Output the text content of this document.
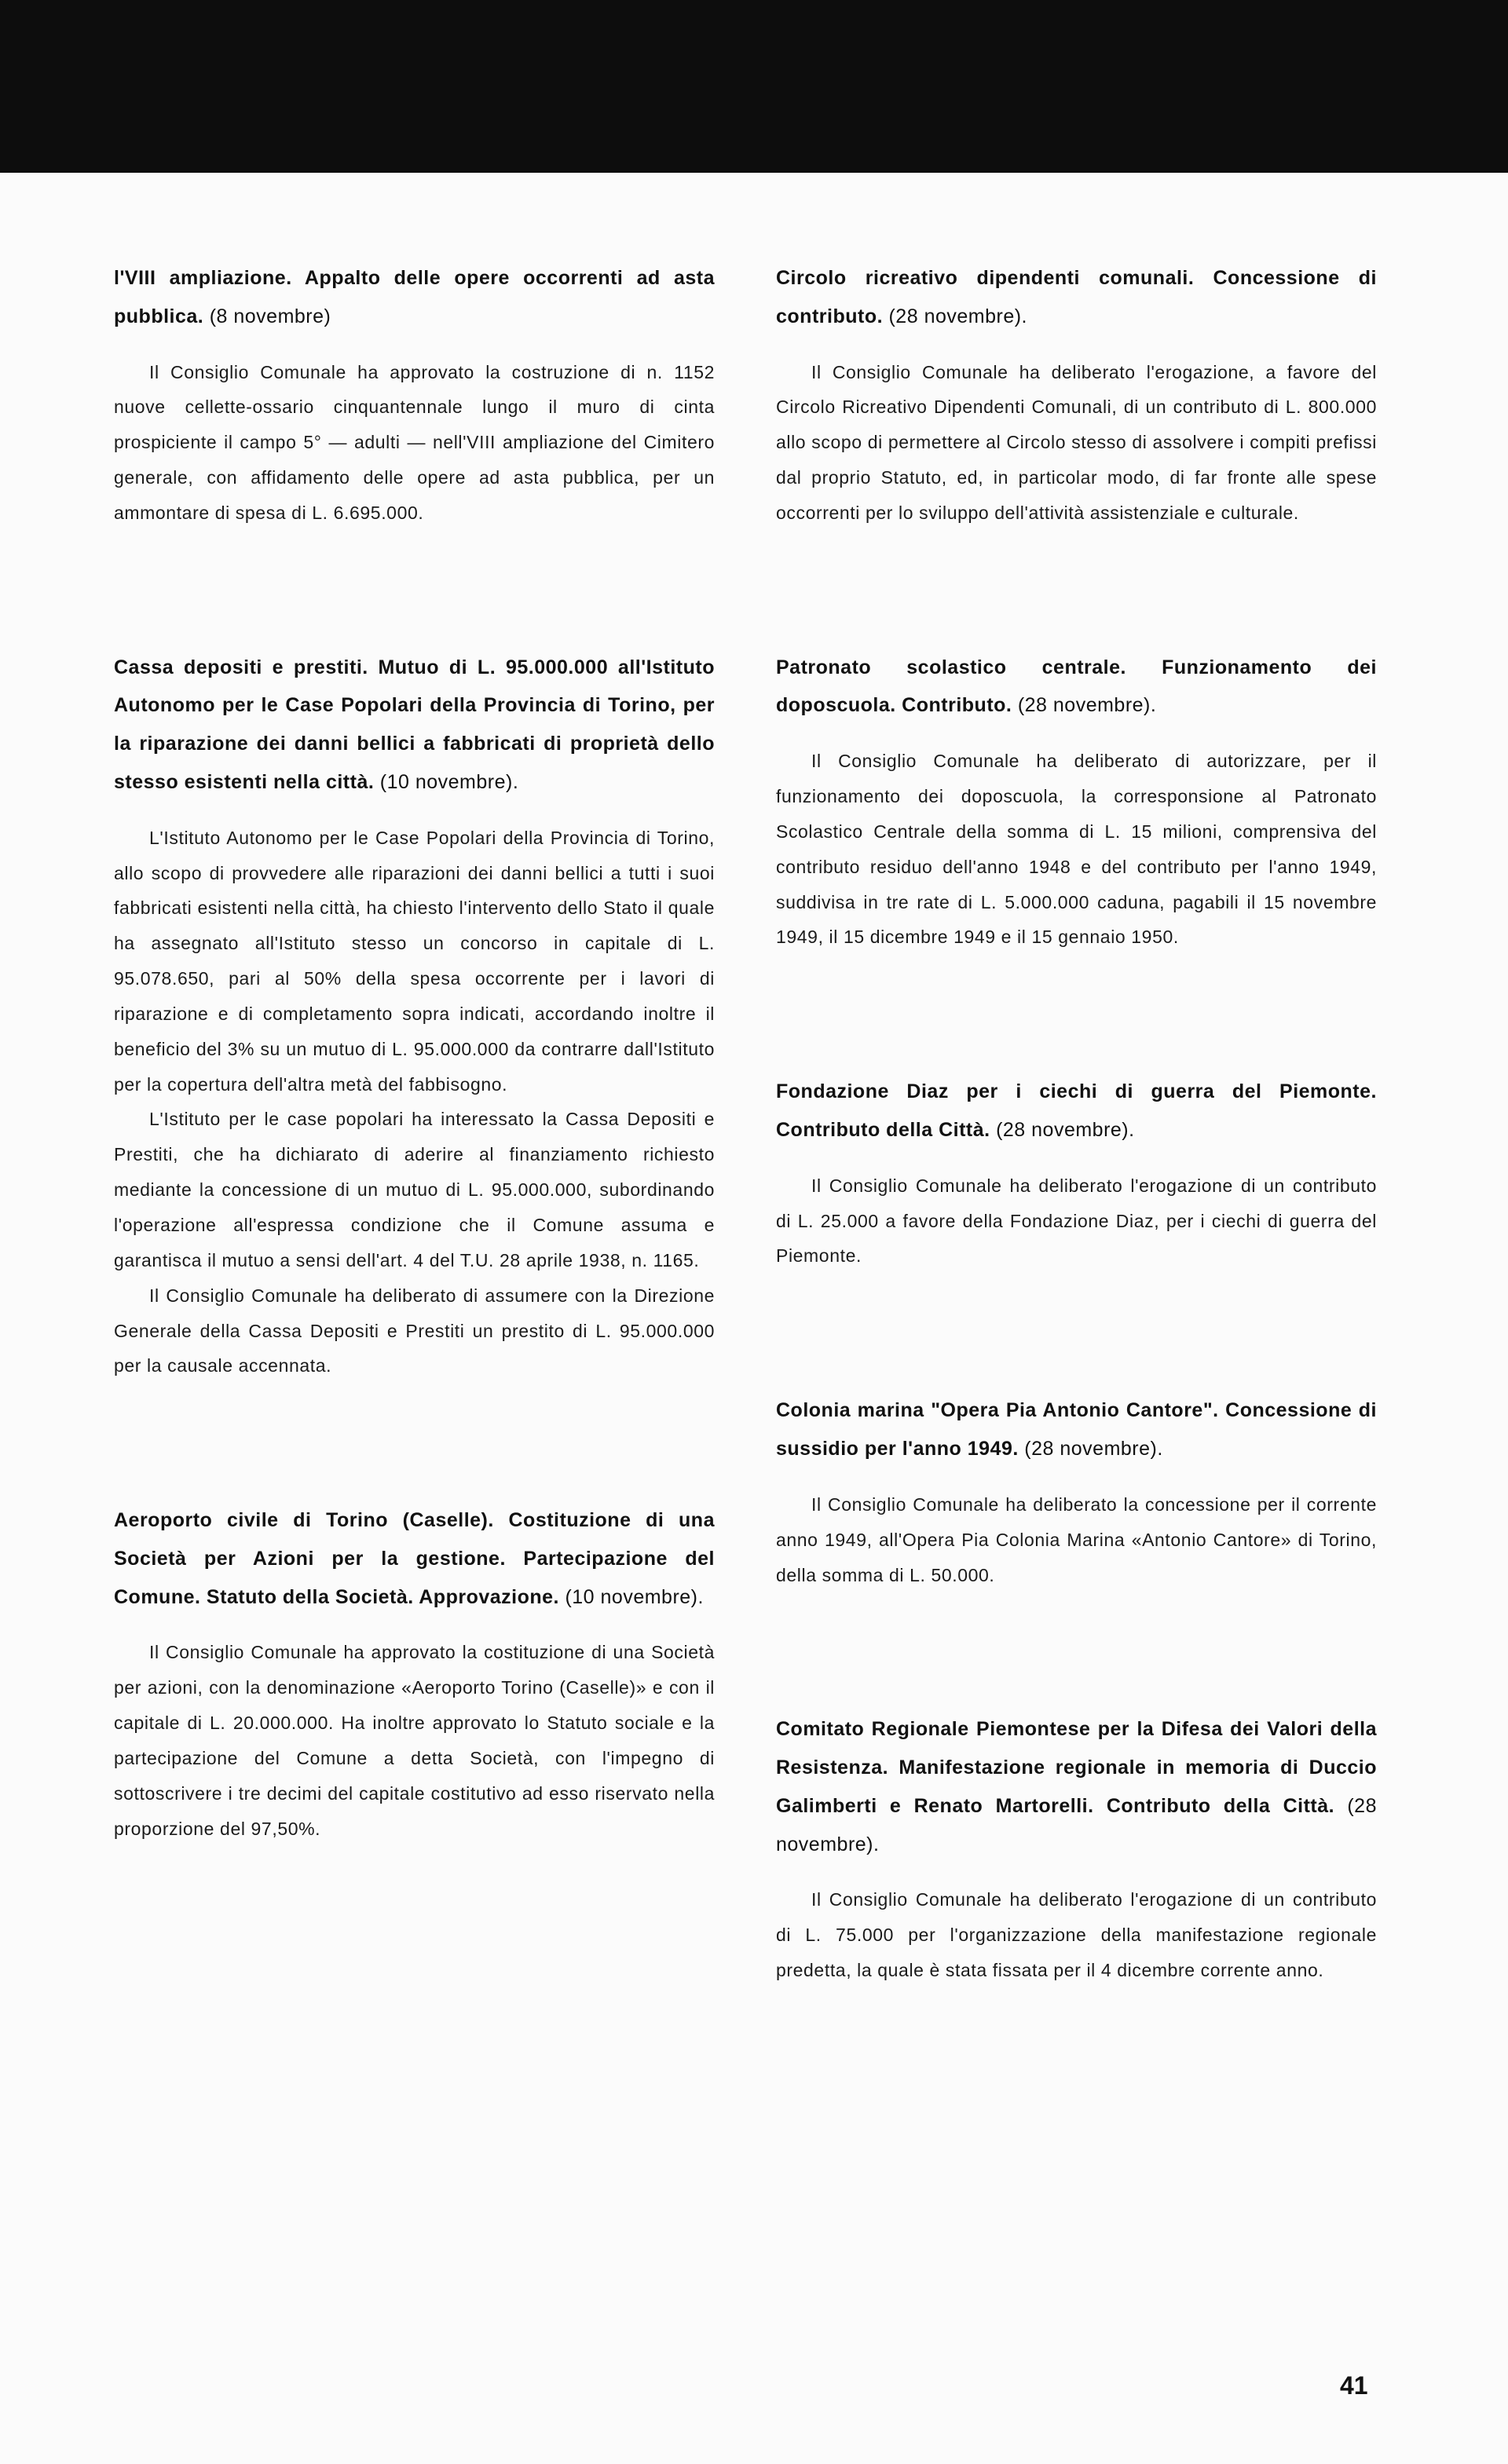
l'VIII ampliazione. Appalto delle opere occorrenti ad asta pubblica. (8 novembre)

Il Consiglio Comunale ha approvato la costruzione di n. 1152 nuove cellette-ossario cinquantennale lungo il muro di cinta prospiciente il campo 5° — adulti — nell'VIII ampliazione del Cimitero generale, con affidamento delle opere ad asta pubblica, per un ammontare di spesa di L. 6.695.000.

Cassa depositi e prestiti. Mutuo di L. 95.000.000 all'Istituto Autonomo per le Case Popolari della Provincia di Torino, per la riparazione dei danni bellici a fabbricati di proprietà dello stesso esistenti nella città. (10 novembre).

L'Istituto Autonomo per le Case Popolari della Provincia di Torino, allo scopo di provvedere alle riparazioni dei danni bellici a tutti i suoi fabbricati esistenti nella città, ha chiesto l'intervento dello Stato il quale ha assegnato all'Istituto stesso un concorso in capitale di L. 95.078.650, pari al 50% della spesa occorrente per i lavori di riparazione e di completamento sopra indicati, accordando inoltre il beneficio del 3% su un mutuo di L. 95.000.000 da contrarre dall'Istituto per la copertura dell'altra metà del fabbisogno.

L'Istituto per le case popolari ha interessato la Cassa Depositi e Prestiti, che ha dichiarato di aderire al finanziamento richiesto mediante la concessione di un mutuo di L. 95.000.000, subordinando l'operazione all'espressa condizione che il Comune assuma e garantisca il mutuo a sensi dell'art. 4 del T.U. 28 aprile 1938, n. 1165.

Il Consiglio Comunale ha deliberato di assumere con la Direzione Generale della Cassa Depositi e Prestiti un prestito di L. 95.000.000 per la causale accennata.

Aeroporto civile di Torino (Caselle). Costituzione di una Società per Azioni per la gestione. Partecipazione del Comune. Statuto della Società. Approvazione. (10 novembre).

Il Consiglio Comunale ha approvato la costituzione di una Società per azioni, con la denominazione «Aeroporto Torino (Caselle)» e con il capitale di L. 20.000.000. Ha inoltre approvato lo Statuto sociale e la partecipazione del Comune a detta Società, con l'impegno di sottoscrivere i tre decimi del capitale costitutivo ad esso riservato nella proporzione del 97,50%.

Circolo ricreativo dipendenti comunali. Concessione di contributo. (28 novembre).

Il Consiglio Comunale ha deliberato l'erogazione, a favore del Circolo Ricreativo Dipendenti Comunali, di un contributo di L. 800.000 allo scopo di permettere al Circolo stesso di assolvere i compiti prefissi dal proprio Statuto, ed, in particolar modo, di far fronte alle spese occorrenti per lo sviluppo dell'attività assistenziale e culturale.

Patronato scolastico centrale. Funzionamento dei doposcuola. Contributo. (28 novembre).

Il Consiglio Comunale ha deliberato di autorizzare, per il funzionamento dei doposcuola, la corresponsione al Patronato Scolastico Centrale della somma di L. 15 milioni, comprensiva del contributo residuo dell'anno 1948 e del contributo per l'anno 1949, suddivisa in tre rate di L. 5.000.000 caduna, pagabili il 15 novembre 1949, il 15 dicembre 1949 e il 15 gennaio 1950.

Fondazione Diaz per i ciechi di guerra del Piemonte. Contributo della Città. (28 novembre).

Il Consiglio Comunale ha deliberato l'erogazione di un contributo di L. 25.000 a favore della Fondazione Diaz, per i ciechi di guerra del Piemonte.

Colonia marina "Opera Pia Antonio Cantore". Concessione di sussidio per l'anno 1949. (28 novembre).

Il Consiglio Comunale ha deliberato la concessione per il corrente anno 1949, all'Opera Pia Colonia Marina «Antonio Cantore» di Torino, della somma di L. 50.000.

Comitato Regionale Piemontese per la Difesa dei Valori della Resistenza. Manifestazione regionale in memoria di Duccio Galimberti e Renato Martorelli. Contributo della Città. (28 novembre).

Il Consiglio Comunale ha deliberato l'erogazione di un contributo di L. 75.000 per l'organizzazione della manifestazione regionale predetta, la quale è stata fissata per il 4 dicembre corrente anno.

41
